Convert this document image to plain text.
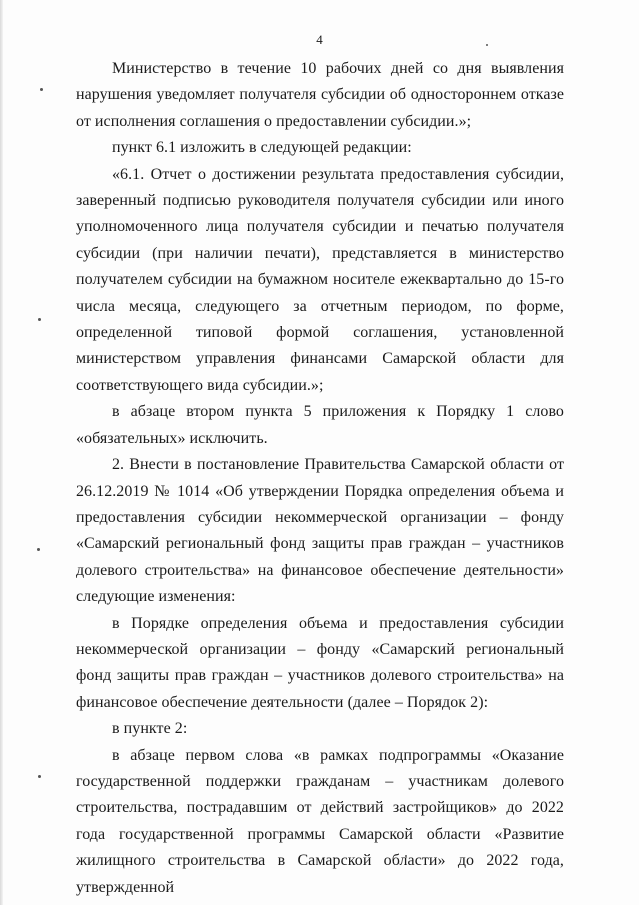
4

Министерство в течение 10 рабочих дней со дня выявления нарушения уведомляет получателя субсидии об одностороннем отказе от исполнения соглашения о предоставлении субсидии.»;

пункт 6.1 изложить в следующей редакции:

«6.1. Отчет о достижении результата предоставления субсидии, заверенный подписью руководителя получателя субсидии или иного уполномоченного лица получателя субсидии и печатью получателя субсидии (при наличии печати), представляется в министерство получателем субсидии на бумажном носителе ежеквартально до 15-го числа месяца, следующего за отчетным периодом, по форме, определенной типовой формой соглашения, установленной министерством управления финансами Самарской области для соответствующего вида субсидии.»;

в абзаце втором пункта 5 приложения к Порядку 1 слово «обязательных» исключить.

2. Внести в постановление Правительства Самарской области от 26.12.2019 № 1014 «Об утверждении Порядка определения объема и предоставления субсидии некоммерческой организации – фонду «Самарский региональный фонд защиты прав граждан – участников долевого строительства» на финансовое обеспечение деятельности» следующие изменения:

в Порядке определения объема и предоставления субсидии некоммерческой организации – фонду «Самарский региональный фонд защиты прав граждан – участников долевого строительства» на финансовое обеспечение деятельности (далее – Порядок 2):

в пункте 2:

в абзаце первом слова «в рамках подпрограммы «Оказание государственной поддержки гражданам – участникам долевого строительства, пострадавшим от действий застройщиков» до 2022 года государственной программы Самарской области «Развитие жилищного строительства в Самарской области» до 2022 года, утвержденной
